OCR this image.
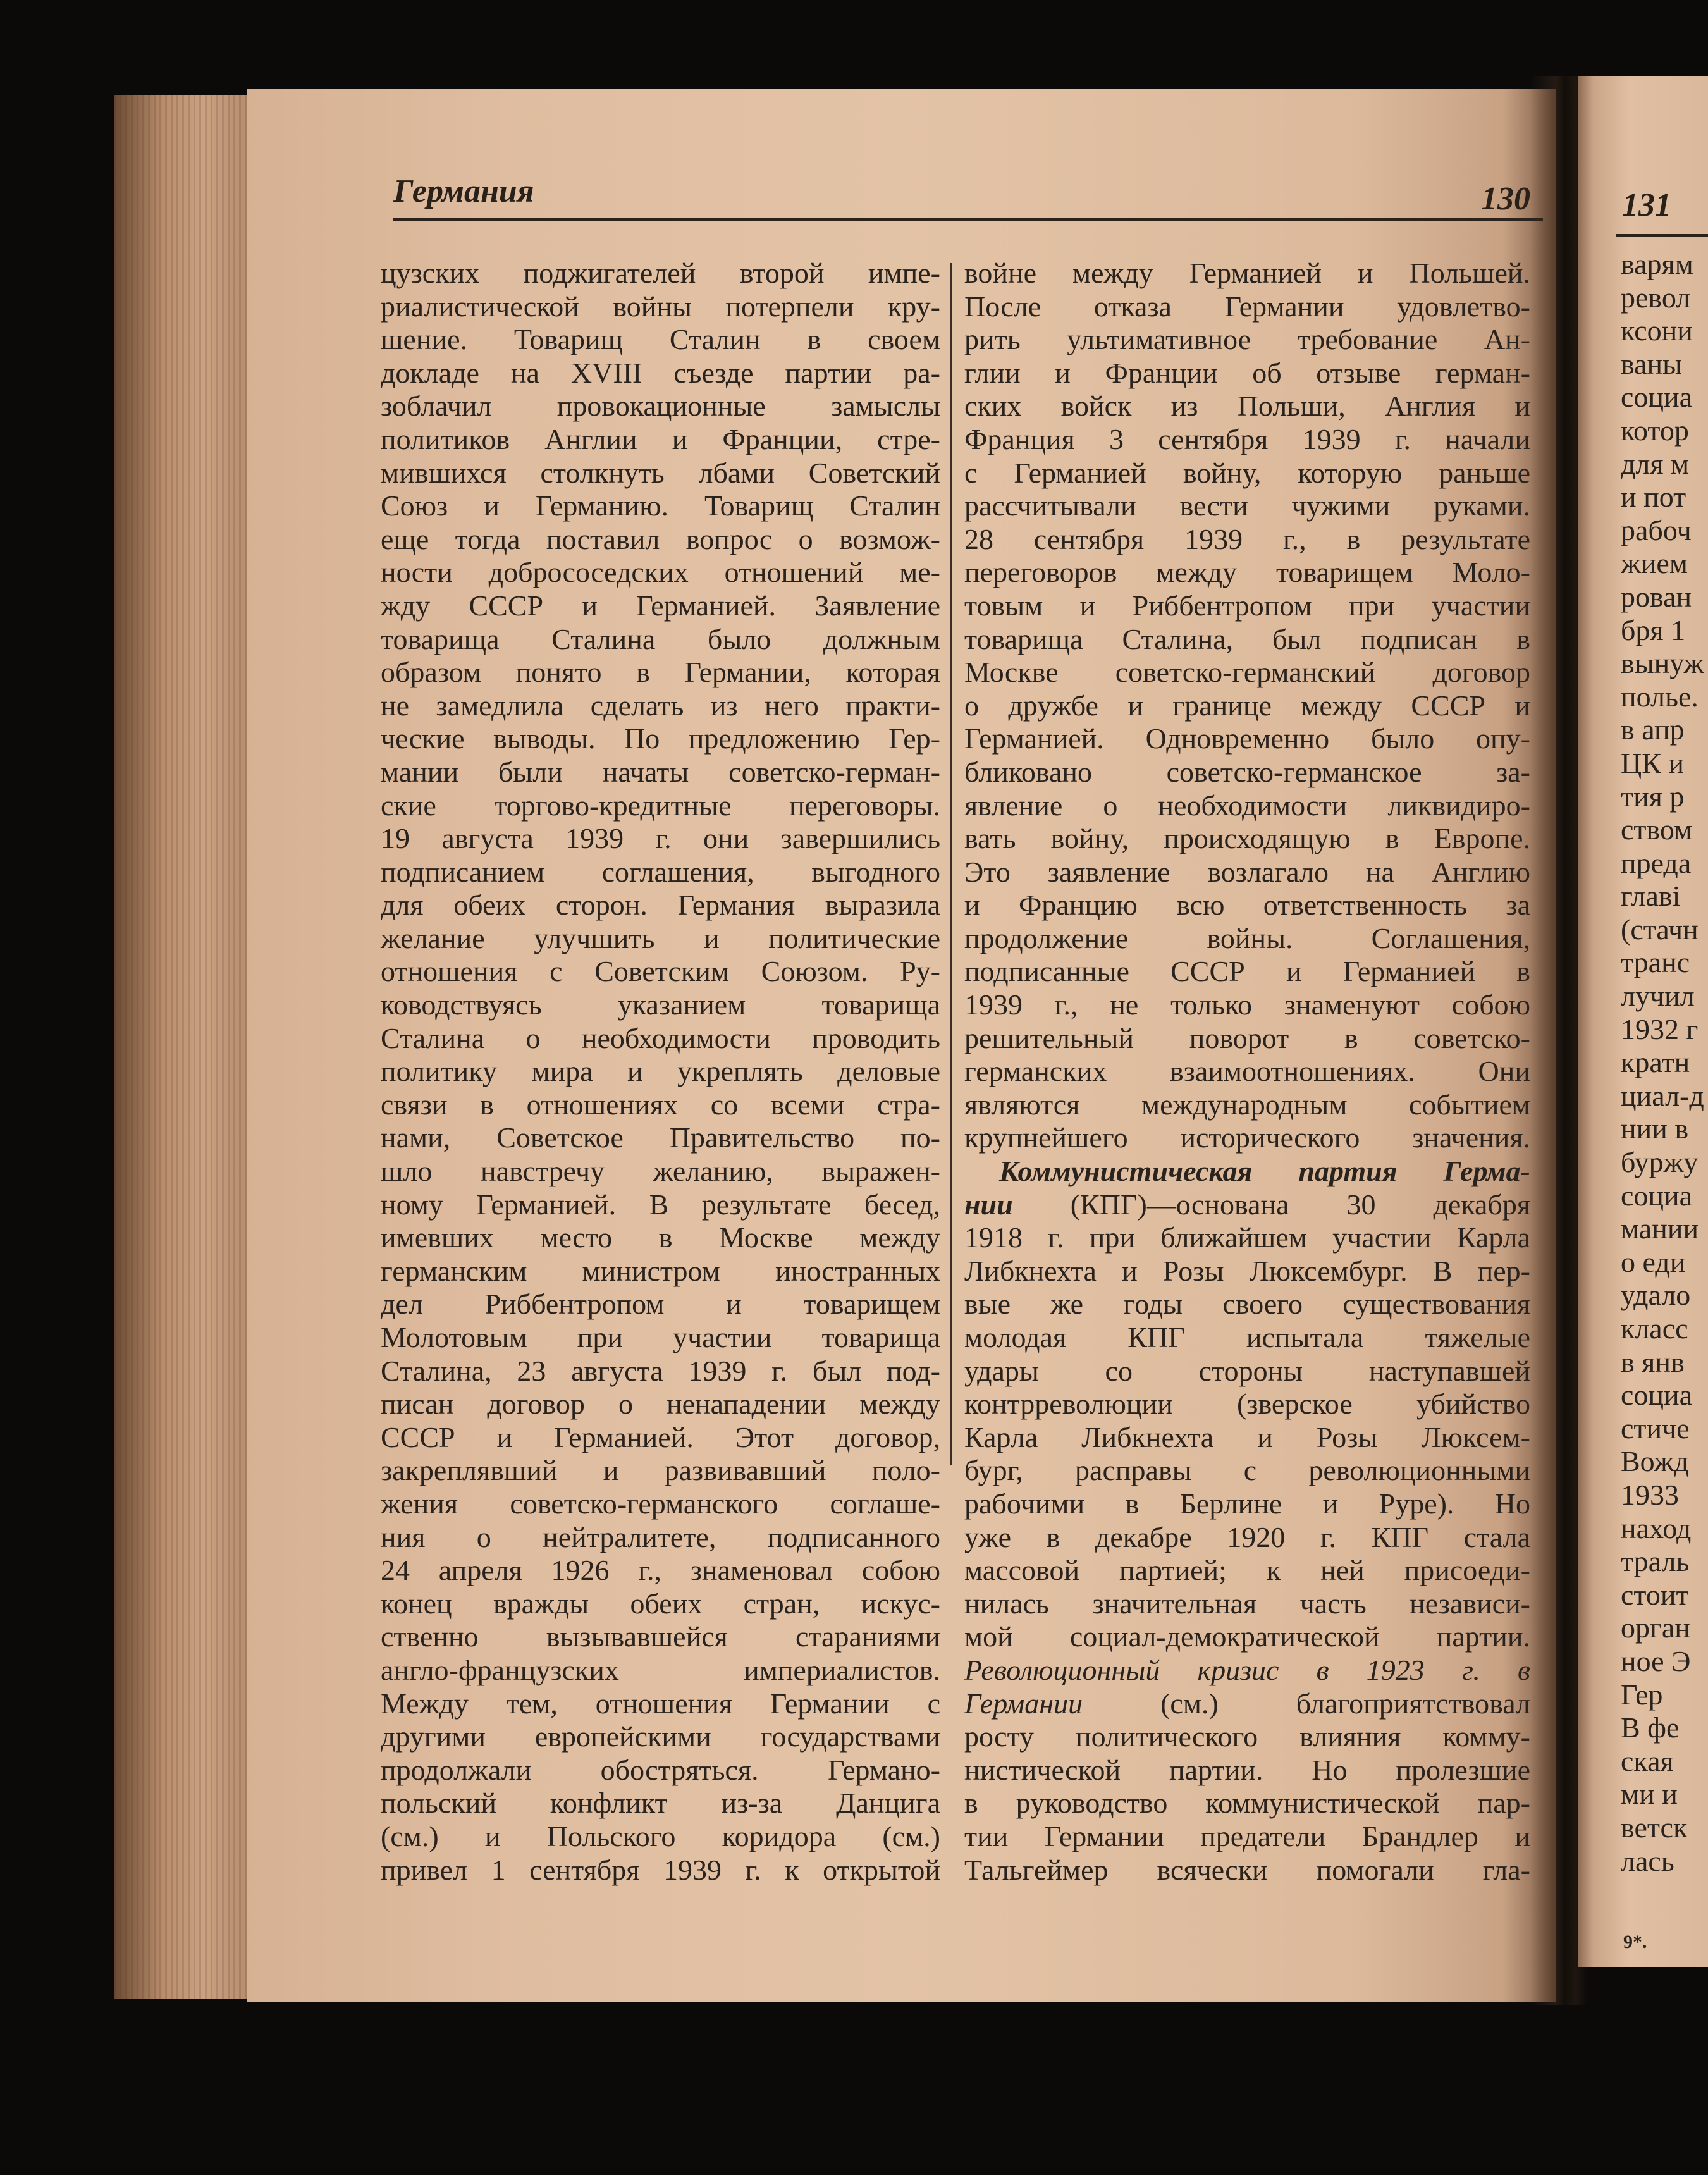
Германия	130
цузских поджигателей второй импе-
риалистической войны потерпели кру-
шение. Товарищ Сталин в своем
докладе на XVIII съезде партии ра-
зоблачил провокационные замыслы
политиков Англии и Франции, стре-
мившихся столкнуть лбами Советский
Союз и Германию. Товарищ Сталин
еще тогда поставил вопрос о возмож-
ности добрососедских отношений ме-
жду СССР и Германией. Заявление
товарища Сталина было должным
образом понято в Германии, которая
не замедлила сделать из него практи-
ческие выводы. По предложению Гер-
мании были начаты советско-герман-
ские торгово-кредитные переговоры.
19 августа 1939 г. они завершились
подписанием соглашения, выгодного
для обеих сторон. Германия выразила
желание улучшить и политические
отношения с Советским Союзом. Ру-
ководствуясь указанием товарища
Сталина о необходимости проводить
политику мира и укреплять деловые
связи в отношениях со всеми стра-
нами, Советское Правительство по-
шло навстречу желанию, выражен-
ному Германией. В результате бесед,
имевших место в Москве между
германским министром иностранных
дел Риббентропом и товарищем
Молотовым при участии товарища
Сталина, 23 августа 1939 г. был под-
писан договор о ненападении между
СССР и Германией. Этот договор,
закреплявший и развивавший поло-
жения советско-германского соглаше-
ния о нейтралитете, подписанного
24 апреля 1926 г., знаменовал собою
конец вражды обеих стран, искус-
ственно вызывавшейся стараниями
англо-французских империалистов.
Между тем, отношения Германии с
другими европейскими государствами
продолжали обостряться. Германо-
польский конфликт из-за Данцига
(см.) и Польского коридора (см.)
привел 1 сентября 1939 г. к открытой
войне между Германией и Польшей.
После отказа Германии удовлетво-
рить ультимативное требование Ан-
глии и Франции об отзыве герман-
ских войск из Польши, Англия и
Франция 3 сентября 1939 г. начали
с Германией войну, которую раньше
рассчитывали вести чужими руками.
28 сентября 1939 г., в результате
переговоров между товарищем Моло-
товым и Риббентропом при участии
товарища Сталина, был подписан в
Москве советско-германский договор
о дружбе и границе между СССР и
Германией. Одновременно было опу-
бликовано советско-германское за-
явление о необходимости ликвидиро-
вать войну, происходящую в Европе.
Это заявление возлагало на Англию
и Францию всю ответственность за
продолжение войны. Соглашения,
подписанные СССР и Германией в
1939 г., не только знаменуют собою
решительный поворот в советско-
германских взаимоотношениях. Они
являются международным событием
крупнейшего исторического значения.
Коммунистическая партия Герма-
нии (КПГ)—основана 30 декабря
1918 г. при ближайшем участии Карла
Либкнехта и Розы Люксембург. В пер-
вые же годы своего существования
молодая КПГ испытала тяжелые
удары со стороны наступавшей
контрреволюции (зверское убийство
Карла Либкнехта и Розы Люксем-
бург, расправы с революционными
рабочими в Берлине и Руре). Но
уже в декабре 1920 г. КПГ стала
массовой партией; к ней присоеди-
нилась значительная часть независи-
мой социал-демократической партии.
Революционный кризис в 1923 г. в
Германии (см.) благоприятствовал
росту политического влияния комму-
нистической партии. Но пролезшие
в руководство коммунистической пар-
тии Германии предатели Брандлер и
Тальгеймер всячески помогали гла-
131
варям
револ
ксони
ваны
социа
котор
для м
и пот
рабоч
жием
рован
бря 1
вынуж
полье.
в апр
ЦК и
тия р
ством
преда
главі
(стачн
транс
лучил
1932 г
кратн
циал-д
нии в
буржу
социа
мании
о еди
удало
класс
в янв
социа
стиче
Вожд
1933
наход
траль
стоит
орган
ное Э
Гер
В фе
ская
ми и
ветск
лась
9*.
